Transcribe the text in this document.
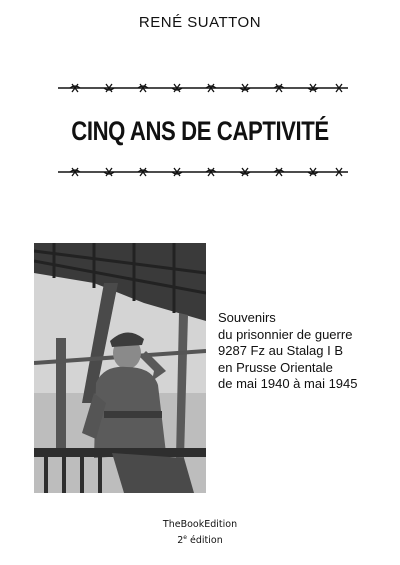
RENÉ SUATTON
CINQ ANS DE CAPTIVITÉ
Souvenirs
du prisonnier de guerre
9287 Fz au Stalag I B
en Prusse Orientale
de mai 1940 à mai 1945
TheBookEdition
2e édition
